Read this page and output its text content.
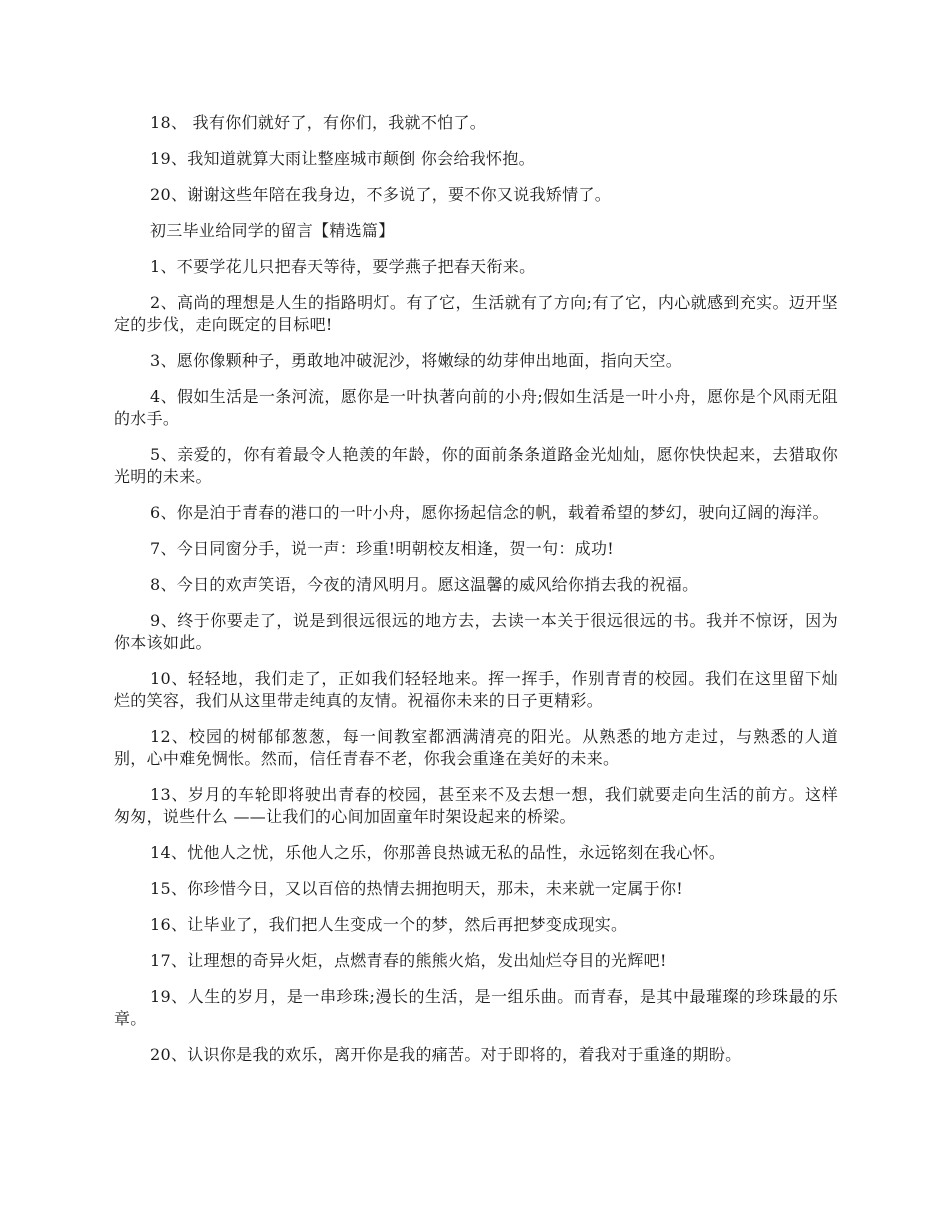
18、 我有你们就好了，有你们，我就不怕了。

19、我知道就算大雨让整座城市颠倒 你会给我怀抱。

20、谢谢这些年陪在我身边，不多说了，要不你又说我矫情了。

初三毕业给同学的留言【精选篇】

1、不要学花儿只把春天等待，要学燕子把春天衔来。

2、高尚的理想是人生的指路明灯。有了它，生活就有了方向;有了它，内心就感到充实。迈开坚定的步伐，走向既定的目标吧!

3、愿你像颗种子，勇敢地冲破泥沙，将嫩绿的幼芽伸出地面，指向天空。

4、假如生活是一条河流，愿你是一叶执著向前的小舟;假如生活是一叶小舟，愿你是个风雨无阻的水手。

5、亲爱的，你有着最令人艳羡的年龄，你的面前条条道路金光灿灿，愿你快快起来，去猎取你光明的未来。

6、你是泊于青春的港口的一叶小舟，愿你扬起信念的帆，载着希望的梦幻，驶向辽阔的海洋。

7、今日同窗分手，说一声：珍重!明朝校友相逢，贺一句：成功!

8、今日的欢声笑语，今夜的清风明月。愿这温馨的威风给你捎去我的祝福。

9、终于你要走了，说是到很远很远的地方去，去读一本关于很远很远的书。我并不惊讶，因为你本该如此。

10、轻轻地，我们走了，正如我们轻轻地来。挥一挥手，作别青青的校园。我们在这里留下灿烂的笑容，我们从这里带走纯真的友情。祝福你未来的日子更精彩。

12、校园的树郁郁葱葱，每一间教室都洒满清亮的阳光。从熟悉的地方走过，与熟悉的人道别，心中难免惆怅。然而，信任青春不老，你我会重逢在美好的未来。

13、岁月的车轮即将驶出青春的校园，甚至来不及去想一想，我们就要走向生活的前方。这样匆匆，说些什么 ——让我们的心间加固童年时架设起来的桥梁。

14、忧他人之忧，乐他人之乐，你那善良热诚无私的品性，永远铭刻在我心怀。

15、你珍惜今日，又以百倍的热情去拥抱明天，那未，未来就一定属于你!

16、让毕业了，我们把人生变成一个的梦，然后再把梦变成现实。

17、让理想的奇异火炬，点燃青春的熊熊火焰，发出灿烂夺目的光辉吧!

19、人生的岁月，是一串珍珠;漫长的生活，是一组乐曲。而青春，是其中最璀璨的珍珠最的乐章。

20、认识你是我的欢乐，离开你是我的痛苦。对于即将的，着我对于重逢的期盼。
